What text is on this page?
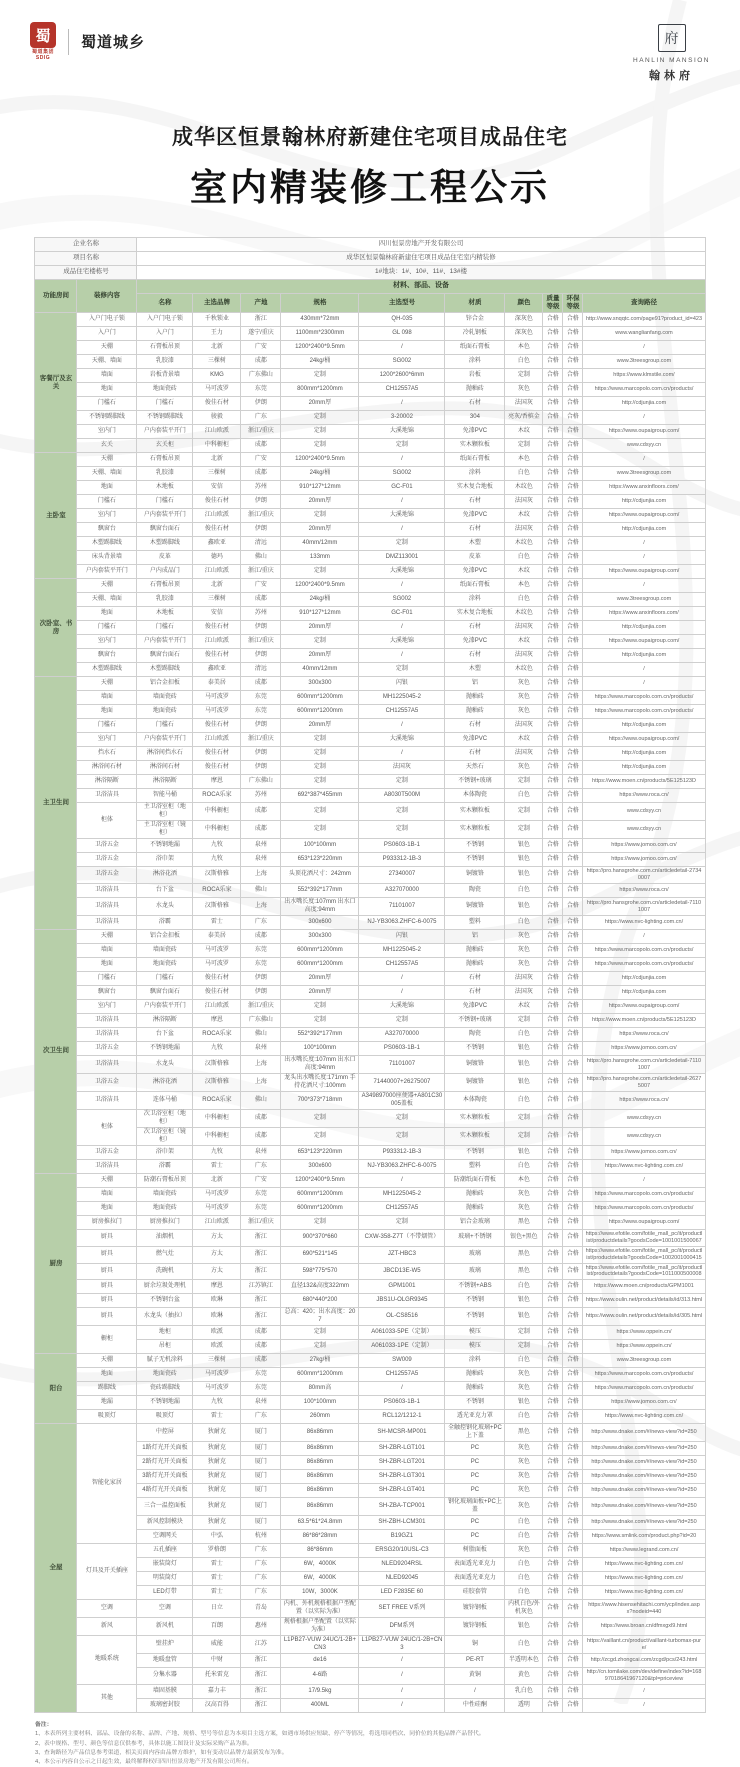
蜀
蜀道集团
SDIG
蜀道城乡	府
HANLIN MANSION
翰林府
成华区恒景翰林府新建住宅项目成品住宅
室内精装修工程公示
企业名称		四川恒景房地产开发有限公司									
项目名称		成华区恒景翰林府新建住宅项目成品住宅室内精装修									
成品住宅楼栋号		1#地块：1#、10#、11#、13#楼									
功能房间	装修内容	材料、部品、设备									
		名称	主选品牌	产地	规格	主选型号	材质	颜色	质量等级	环保等级	查询路径
客餐厅及玄关	入户门电子锁	入户门电子锁	千秋锁业	浙江	430mm*72mm	QH-035	锌合金	深灰色	合格	合格	http://www.snqqtc.com/page91?product_id=423
	入户门	入户门	王力	遂宁/重庆	1100mm*2300mm	GL 098	冷轧钢板	深灰色	合格	合格	www.wanglianfang.com
	天棚	石膏板吊顶	北新	广安	1200*2400*9.5mm	/	纸面石膏板	本色	合格	合格	/
	天棚、墙面	乳胶漆	三棵树	成都	24kg/桶	SG002	涂料	白色	合格	合格	www.3treesgroup.com
	墙面	岩板背景墙	KMG	广东佛山	定制	1200*2600*6mm	岩板	定制	合格	合格	https://www.klmstile.com/
	地面	地面瓷砖	马可波罗	东莞	800mm*1200mm	CH12557A5	抛釉砖	灰色	合格	合格	https://www.marcopolo.com.cn/products/
	门槛石	门槛石	俊佳石材	伊朗	20mm厚	/	石材	法国灰	合格	合格	http://cdjunjia.com
	不锈钢踢脚线	不锈钢踢脚线	骏毅	广东	定制	3-20002	304	亮灰/香槟金	合格	合格	/
	室内门	户内套装平开门	江山欧派	浙江/重庆	定制	大溪地锦	免漆PVC	木纹	合格	合格	https://www.oupaigroup.com/
	玄关	玄关柜	中科橱柜	成都	定制	定制	实木颗粒板	定制	合格	合格	www.cdsyy.cn
主卧室	天棚	石膏板吊顶	北新	广安	1200*2400*9.5mm	/	纸面石膏板	本色	合格	合格	/
	天棚、墙面	乳胶漆	三棵树	成都	24kg/桶	SG002	涂料	白色	合格	合格	www.3treesgroup.com
	地面	木地板	安信	苏州	910*127*12mm	GC-F01	实木复合地板	木纹色	合格	合格	https://www.anxinfloors.com/
	门槛石	门槛石	俊佳石材	伊朗	20mm厚	/	石材	法国灰	合格	合格	http://cdjunjia.com
	室内门	户内套装平开门	江山欧派	浙江/重庆	定制	大溪地锦	免漆PVC	木纹	合格	合格	https://www.oupaigroup.com/
	飘窗台	飘窗台面石	俊佳石材	伊朗	20mm厚	/	石材	法国灰	合格	合格	http://cdjunjia.com
	木塑踢脚线	木塑踢脚线	鑫欧亚	清远	40mm/12mm	定制	木塑	木纹色	合格	合格	/
	床头背景墙	皮革	德玛	佛山	133mm	DMZ113001	皮革	白色	合格	合格	/
	户内套装平开门	户内成品门	江山欧派	浙江/重庆	定制	大溪地锦	免漆PVC	木纹	合格	合格	https://www.oupaigroup.com/
次卧室、书房	天棚	石膏板吊顶	北新	广安	1200*2400*9.5mm	/	纸面石膏板	本色	合格	合格	/
	天棚、墙面	乳胶漆	三棵树	成都	24kg/桶	SG002	涂料	白色	合格	合格	www.3treesgroup.com
	地面	木地板	安信	苏州	910*127*12mm	GC-F01	实木复合地板	木纹色	合格	合格	https://www.anxinfloors.com/
	门槛石	门槛石	俊佳石材	伊朗	20mm厚	/	石材	法国灰	合格	合格	http://cdjunjia.com
	室内门	户内套装平开门	江山欧派	浙江/重庆	定制	大溪地锦	免漆PVC	木纹	合格	合格	https://www.oupaigroup.com/
	飘窗台	飘窗台面石	俊佳石材	伊朗	20mm厚	/	石材	法国灰	合格	合格	http://cdjunjia.com
	木塑踢脚线	木塑踢脚线	鑫欧亚	清远	40mm/12mm	定制	木塑	木纹色	合格	合格	/
主卫生间	天棚	铝合金扣板	泰美居	成都	300x300	闪银	铝	灰色	合格	合格	/
	墙面	墙面瓷砖	马可波罗	东莞	600mm*1200mm	MH1225045-2	抛釉砖	灰色	合格	合格	https://www.marcopolo.com.cn/products/
	地面	地面瓷砖	马可波罗	东莞	600mm*1200mm	CH12557A5	抛釉砖	灰色	合格	合格	https://www.marcopolo.com.cn/products/
	门槛石	门槛石	俊佳石材	伊朗	20mm厚	/	石材	法国灰	合格	合格	http://cdjunjia.com
	室内门	户内套装平开门	江山欧派	浙江/重庆	定制	大溪地锦	免漆PVC	木纹	合格	合格	https://www.oupaigroup.com/
	挡水石	淋浴间挡水石	俊佳石材	伊朗	定制	/	石材	法国灰	合格	合格	http://cdjunjia.com
	淋浴间石材	淋浴间石材	俊佳石材	伊朗	定制	法国灰	天然石	灰色	合格	合格	http://cdjunjia.com
	淋浴隔断	淋浴隔断	摩恩	广东佛山	定制	定制	不锈钢+玻璃	定制	合格	合格	https://www.moen.cn/products/5E125123D
	卫浴洁具	智能马桶	ROCA乐家	苏州	692*387*455mm	A8030T500M	本体陶瓷	白色	合格	合格	https://www.roca.cn/
	柜体	主卫浴室柜（地柜）	中科橱柜	成都	定制	定制	实木颗粒板	定制	合格	合格	www.cdsyy.cn
		主卫浴室柜（镜柜）	中科橱柜	成都	定制	定制	实木颗粒板	定制	合格	合格	www.cdsyy.cn
	卫浴五金	不锈钢地漏	九牧	泉州	100*100mm	PS0603-1B-1	不锈钢	银色	合格	合格	https://www.jomoo.com.cn/
	卫浴五金	浴巾架	九牧	泉州	653*123*220mm	P933312-1B-3	不锈钢	银色	合格	合格	https://www.jomoo.com.cn/
	卫浴五金	淋浴花洒	汉斯格雅	上海	头顶花洒尺寸：242mm	27340007	铜镀铬	银色	合格	合格	https://pro.hansgrohe.com.cn/articledetail-27340007
	卫浴洁具	台下盆	ROCA乐家	佛山	552*392*177mm	A327070000	陶瓷	白色	合格	合格	https://www.roca.cn/
	卫浴洁具	水龙头	汉斯格雅	上海	出水嘴长度:107mm 出水口高度:94mm	71101007	铜镀铬	银色	合格	合格	https://pro.hansgrohe.com.cn/articledetail-71101007
	卫浴洁具	浴霸	雷士	广东	300x600	NJ-YB3063.ZHFC-6-0075	塑料	白色	合格	合格	https://www.nvc-lighting.com.cn/
次卫生间	天棚	铝合金扣板	泰美居	成都	300x300	闪银	铝	灰色	合格	合格	/
	墙面	墙面瓷砖	马可波罗	东莞	600mm*1200mm	MH1225045-2	抛釉砖	灰色	合格	合格	https://www.marcopolo.com.cn/products/
	地面	地面瓷砖	马可波罗	东莞	600mm*1200mm	CH12557A5	抛釉砖	灰色	合格	合格	https://www.marcopolo.com.cn/products/
	门槛石	门槛石	俊佳石材	伊朗	20mm厚	/	石材	法国灰	合格	合格	http://cdjunjia.com
	飘窗台	飘窗台面石	俊佳石材	伊朗	20mm厚	/	石材	法国灰	合格	合格	http://cdjunjia.com
	室内门	户内套装平开门	江山欧派	浙江/重庆	定制	大溪地锦	免漆PVC	木纹	合格	合格	https://www.oupaigroup.com/
	卫浴洁具	淋浴隔断	摩恩	广东佛山	定制	定制	不锈钢+玻璃	定制	合格	合格	https://www.moen.cn/products/5E125123D
	卫浴洁具	台下盆	ROCA乐家	佛山	552*392*177mm	A327070000	陶瓷	白色	合格	合格	https://www.roca.cn/
	卫浴五金	不锈钢地漏	九牧	泉州	100*100mm	PS0603-1B-1	不锈钢	银色	合格	合格	https://www.jomoo.com.cn/
	卫浴洁具	水龙头	汉斯格雅	上海	出水嘴长度:107mm 出水口高度:94mm	71101007	铜镀铬	银色	合格	合格	https://pro.hansgrohe.com.cn/articledetail-71101007
	卫浴五金	淋浴花洒	汉斯格雅	上海	龙头出水嘴长度:171mm 手持花洒尺寸:100mm	71440007+26275007	铜镀铬	银色	合格	合格	https://pro.hansgrohe.com.cn/articledetail-26275007
	卫浴洁具	连体马桶	ROCA乐家	佛山	700*373*718mm	A349897000座便器+A801C30005盖板	本体陶瓷	白色	合格	合格	https://www.roca.cn/
	柜体	次卫浴室柜（地柜）	中科橱柜	成都	定制	定制	实木颗粒板	定制	合格	合格	www.cdsyy.cn
		次卫浴室柜（镜柜）	中科橱柜	成都	定制	定制	实木颗粒板	定制	合格	合格	www.cdsyy.cn
	卫浴五金	浴巾架	九牧	泉州	653*123*220mm	P933312-1B-3	不锈钢	银色	合格	合格	https://www.jomoo.com.cn/
	卫浴洁具	浴霸	雷士	广东	300x600	NJ-YB3063.ZHFC-6-0075	塑料	白色	合格	合格	https://www.nvc-lighting.com.cn/
厨房	天棚	防潮石膏板吊顶	北新	广安	1200*2400*9.5mm	/	防潮纸面石膏板	本色	合格	合格	/
	墙面	墙面瓷砖	马可波罗	东莞	600mm*1200mm	MH1225045-2	抛釉砖	灰色	合格	合格	https://www.marcopolo.com.cn/products/
	地面	地面瓷砖	马可波罗	东莞	600mm*1200mm	CH12557A5	抛釉砖	灰色	合格	合格	https://www.marcopolo.com.cn/products/
	厨房推拉门	厨房推拉门	江山欧派	浙江/重庆	定制	定制	铝合金玻璃	黑色	合格	合格	https://www.oupaigroup.com/
	厨具	油烟机	方太	浙江	900*370*660	CXW-358-Z7T（不带烟管）	玻璃+不锈钢	银色+黑色	合格	合格	https://www.efotile.com/fotile_mall_pc/it/productlist/productdetails?goodsCode=1001001500067
	厨具	燃气灶	方太	浙江	690*521*145	JZT-HBC3	玻璃	黑色	合格	合格	https://www.efotile.com/fotile_mall_pc/it/productlist/productdetails?goodsCode=1002001000415
	厨具	洗碗机	方太	浙江	598*775*570	JBCD13E-W5	玻璃	黑色	合格	合格	https://www.efotile.com/fotile_mall_pc/it/productlist/productdetails?goodsCode=1011000500008
	厨具	厨余垃圾处理机	摩恩	江苏镇江	直径132&高度322mm	GPM1001	不锈钢+ABS	白色	合格	合格	https://www.moen.cn/products/GPM1001
	厨具	不锈钢台盆	欧琳	浙江	680*440*200	JBS1U-OLGR9345	不锈钢	银色	合格	合格	https://www.oulin.net/product/details/id/313.html
	厨具	水龙头（抽拉）	欧琳	浙江	总高：420；出水高度：207	OL-CS8516	不锈钢	银色	合格	合格	https://www.oulin.net/product/details/id/305.html
	橱柜	地柜	欧派	成都	定制	A061033-5PE（定制）	模压	定制	合格	合格	https://www.oppein.cn/
		吊柜	欧派	成都	定制	A061033-1PE（定制）	模压	定制	合格	合格	https://www.oppein.cn/
阳台	天棚	腻子无机涂料	三棵树	成都	27kg/桶	SW009	涂料	白色	合格	合格	www.3treesgroup.com
	地面	地面瓷砖	马可波罗	东莞	600mm*1200mm	CH12557A5	抛釉砖	灰色	合格	合格	https://www.marcopolo.com.cn/products/
	踢脚线	瓷砖踢脚线	马可波罗	东莞	80mm高	/	抛釉砖	灰色	合格	合格	https://www.marcopolo.com.cn/products/
	地漏	不锈钢地漏	九牧	泉州	100*100mm	PS0603-1B-1	不锈钢	银色	合格	合格	https://www.jomoo.com.cn/
	吸顶灯	吸顶灯	雷士	广东	260mm	RCL12/1212-1	透光亚克力罩	白色	合格	合格	https://www.nvc-lighting.com.cn/
全屋	智能化家居	中控屏	狄耐克	厦门	86x86mm	SH-MCSR-MP001	全触控钢化玻璃+PC上下盖	黑色	合格	合格	http://www.dnake.com/#/news-view?id=250
		1路灯光开关面板	狄耐克	厦门	86x86mm	SH-ZBR-LGT101	PC	灰色	合格	合格	http://www.dnake.com/#/news-view?id=250
		2路灯光开关面板	狄耐克	厦门	86x86mm	SH-ZBR-LGT201	PC	灰色	合格	合格	http://www.dnake.com/#/news-view?id=250
		3路灯光开关面板	狄耐克	厦门	86x86mm	SH-ZBR-LGT301	PC	灰色	合格	合格	http://www.dnake.com/#/news-view?id=250
		4路灯光开关面板	狄耐克	厦门	86x86mm	SH-ZBR-LGT401	PC	灰色	合格	合格	http://www.dnake.com/#/news-view?id=250
		三合一温控面板	狄耐克	厦门	86x86mm	SH-ZBA-TCP001	钢化玻璃面板+PC上盖	灰色	合格	合格	http://www.dnake.com/#/news-view?id=250
		新风控制模块	狄耐克	厦门	63.5*61*24.8mm	SH-ZBH-LCM301	PC	白色	合格	合格	http://www.dnake.com/#/news-view?id=250
		空调网关	中弘	杭州	86*86*28mm	B19GZ1	PC	白色	合格	合格	https://www.smlink.com/product.php?id=20
	灯具及开关插座	五孔插座	罗格朗	广东	86*86mm	ERSG20/10USL-C3	树脂面板	灰色	合格	合格	https://www.legrand.com.cn/
		嵌装筒灯	雷士	广东	6W，4000K	NLED9204RSL	表面透光亚克力	白色	合格	合格	https://www.nvc-lighting.com.cn/
		明装筒灯	雷士	广东	6W，4000K	NLED92045	表面透光亚克力	白色	合格	合格	https://www.nvc-lighting.com.cn/
		LED灯带	雷士	广东	10W，3000K	LED F2835E 60	硅胶套管	白色	合格	合格	https://www.nvc-lighting.com.cn/
	空调	空调	日立	青岛	内机、外机规格根据户型配置（以实际为准）	SET FREE V系列	镀锌钢板	内机白色/外机灰色	合格	合格	https://www.hisensehitachi.com/ycp/index.aspx?nodeid=440
	新风	新风机	百朗	惠州	规格根据户型配置（以实际为准）	DFM系列	镀锌钢板	银色	合格	合格	https://www.broan.cn/dfmxgxl9.html
	地暖系统	壁挂炉	威能	江苏	L1PB27-VUW 24UC/1-2B+CN3	L1PB27-VUW 24UC/1-2B+CN3	铜	白色	合格	合格	https://vaillant.cn/product/vaillant-turbomax-pure/
		地暖盘管	中财	浙江	de16	/	PE-RT	半透明本色	合格	合格	http://zcgd.zhongcai.com/zcgd/pcs/243.html
		分集水器	托米雷克	浙江	4-6路	/	黄铜	黄色	合格	合格	http://cn.tomilake.com/dev/define/index?id=16897018641967120&tpl=priceview
	其他	墙固基膜	嘉力丰	浙江	17/9.5kg	/	/	乳白色	合格	合格	/
		玻璃密封胶	汉高百得	浙江	400ML	/	中性硅酮	透明	合格	合格	/
备注：
1、本表所列主要材料、部品、设备的名称、品牌、产地、规格、型号等信息为本项目主选方案，如遇市场供应短缺、停产等情况，将选用同档次、同价位的其他品牌产品替代。
2、表中规格、型号、颜色等信息仅供参考，具体以施工图设计及实际采购产品为准。
3、查询路径为产品信息参考渠道，相关页面内容由品牌方维护，如有变动以品牌方最新发布为准。
4、本公示内容自公示之日起生效，最终解释权归四川恒景房地产开发有限公司所有。
